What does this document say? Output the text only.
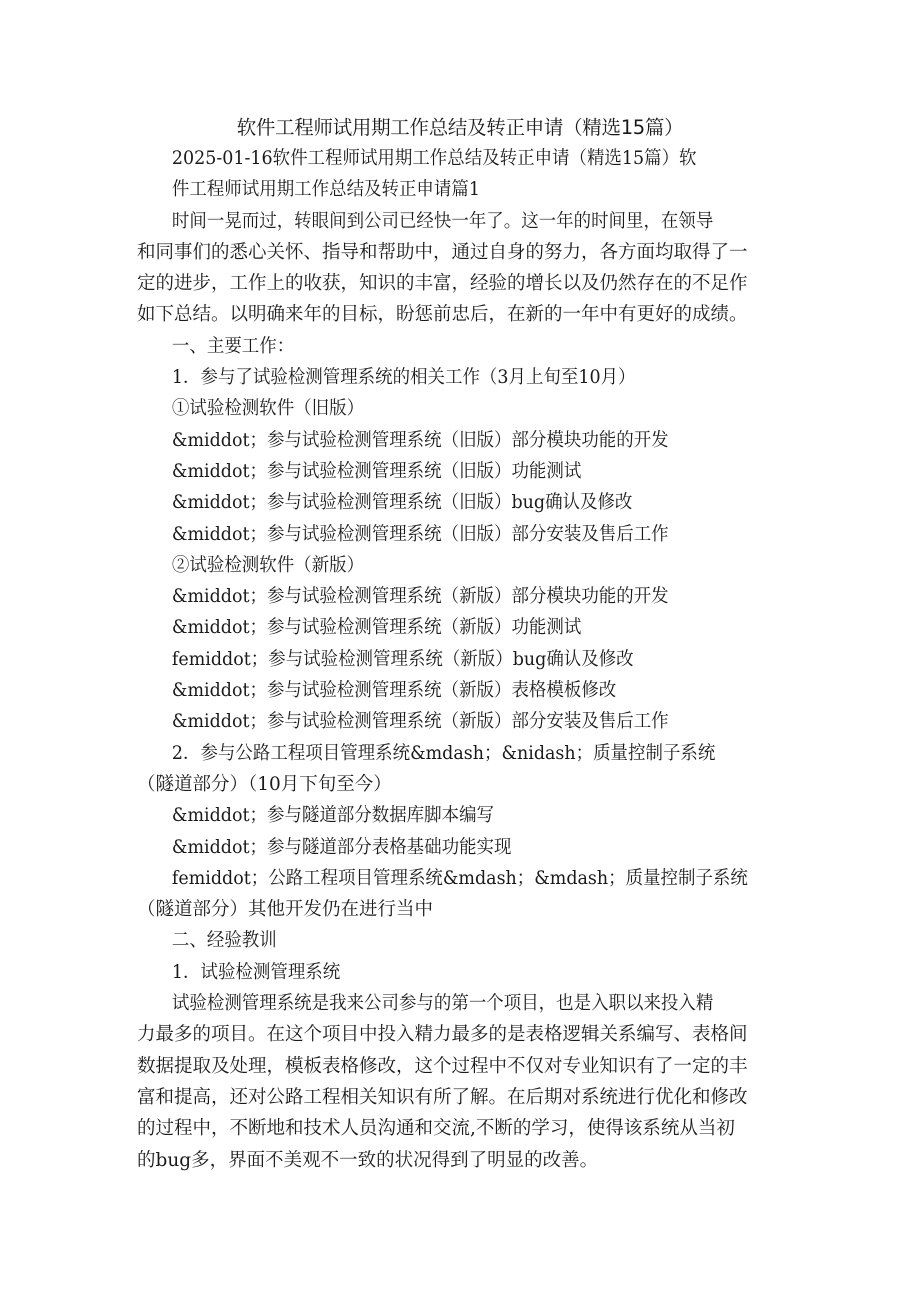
软件工程师试用期工作总结及转正申请（精选15篇）
2025-01-16软件工程师试用期工作总结及转正申请（精选15篇）软
件工程师试用期工作总结及转正申请篇1
时间一晃而过，转眼间到公司已经快一年了。这一年的时间里，在领导
和同事们的悉心关怀、指导和帮助中，通过自身的努力，各方面均取得了一
定的进步，工作上的收获，知识的丰富，经验的增长以及仍然存在的不足作
如下总结。以明确来年的目标，盼惩前忠后，在新的一年中有更好的成绩。
一、主要工作：
1．参与了试验检测管理系统的相关工作（3月上旬至10月）
①试验检测软件（旧版）
&middot；参与试验检测管理系统（旧版）部分模块功能的开发
&middot；参与试验检测管理系统（旧版）功能测试
&middot；参与试验检测管理系统（旧版）bug确认及修改
&middot；参与试验检测管理系统（旧版）部分安装及售后工作
②试验检测软件（新版）
&middot；参与试验检测管理系统（新版）部分模块功能的开发
&middot；参与试验检测管理系统（新版）功能测试
femiddot；参与试验检测管理系统（新版）bug确认及修改
&middot；参与试验检测管理系统（新版）表格模板修改
&middot；参与试验检测管理系统（新版）部分安装及售后工作
2．参与公路工程项目管理系统&mdash；&nidash；质量控制子系统
（隧道部分）（10月下旬至今）
&middot；参与隧道部分数据库脚本编写
&middot；参与隧道部分表格基础功能实现
femiddot；公路工程项目管理系统&mdash；&mdash；质量控制子系统
（隧道部分）其他开发仍在进行当中
二、经验教训
1．试验检测管理系统
试验检测管理系统是我来公司参与的第一个项目，也是入职以来投入精
力最多的项目。在这个项目中投入精力最多的是表格逻辑关系编写、表格间
数据提取及处理，模板表格修改，这个过程中不仅对专业知识有了一定的丰
富和提高，还对公路工程相关知识有所了解。在后期对系统进行优化和修改
的过程中，不断地和技术人员沟通和交流,不断的学习，使得该系统从当初
的bug多，界面不美观不一致的状况得到了明显的改善。
